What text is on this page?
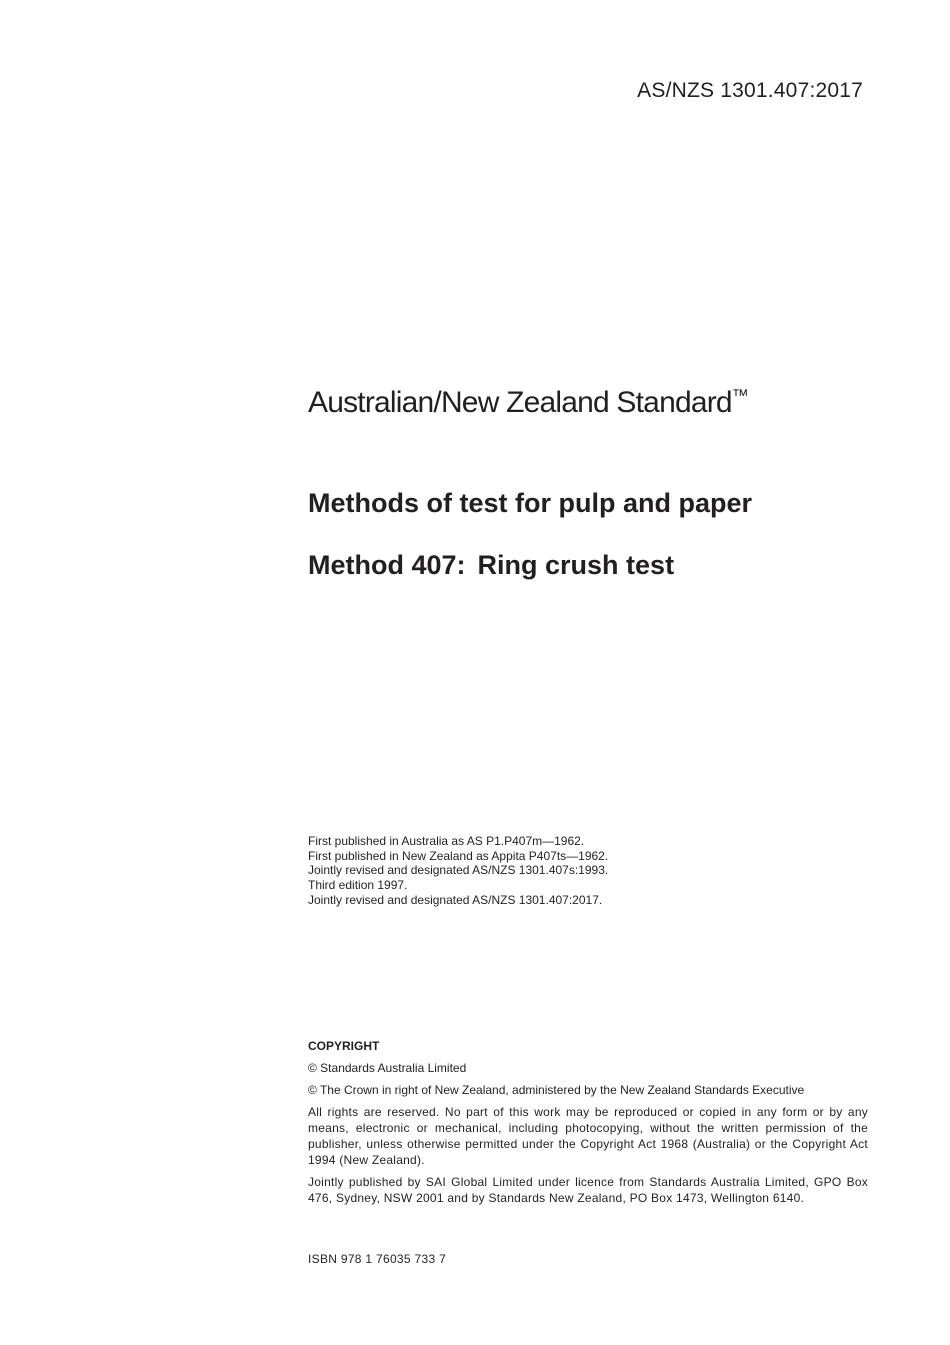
AS/NZS 1301.407:2017
Australian/New Zealand Standard™
Methods of test for pulp and paper
Method 407: Ring crush test
First published in Australia as AS P1.P407m—1962.
First published in New Zealand as Appita P407ts—1962.
Jointly revised and designated AS/NZS 1301.407s:1993.
Third edition 1997.
Jointly revised and designated AS/NZS 1301.407:2017.
COPYRIGHT

© Standards Australia Limited

© The Crown in right of New Zealand, administered by the New Zealand Standards Executive

All rights are reserved. No part of this work may be reproduced or copied in any form or by any means, electronic or mechanical, including photocopying, without the written permission of the publisher, unless otherwise permitted under the Copyright Act 1968 (Australia) or the Copyright Act 1994 (New Zealand).

Jointly published by SAI Global Limited under licence from Standards Australia Limited, GPO Box 476, Sydney, NSW 2001 and by Standards New Zealand, PO Box 1473, Wellington 6140.

ISBN 978 1 76035 733 7
